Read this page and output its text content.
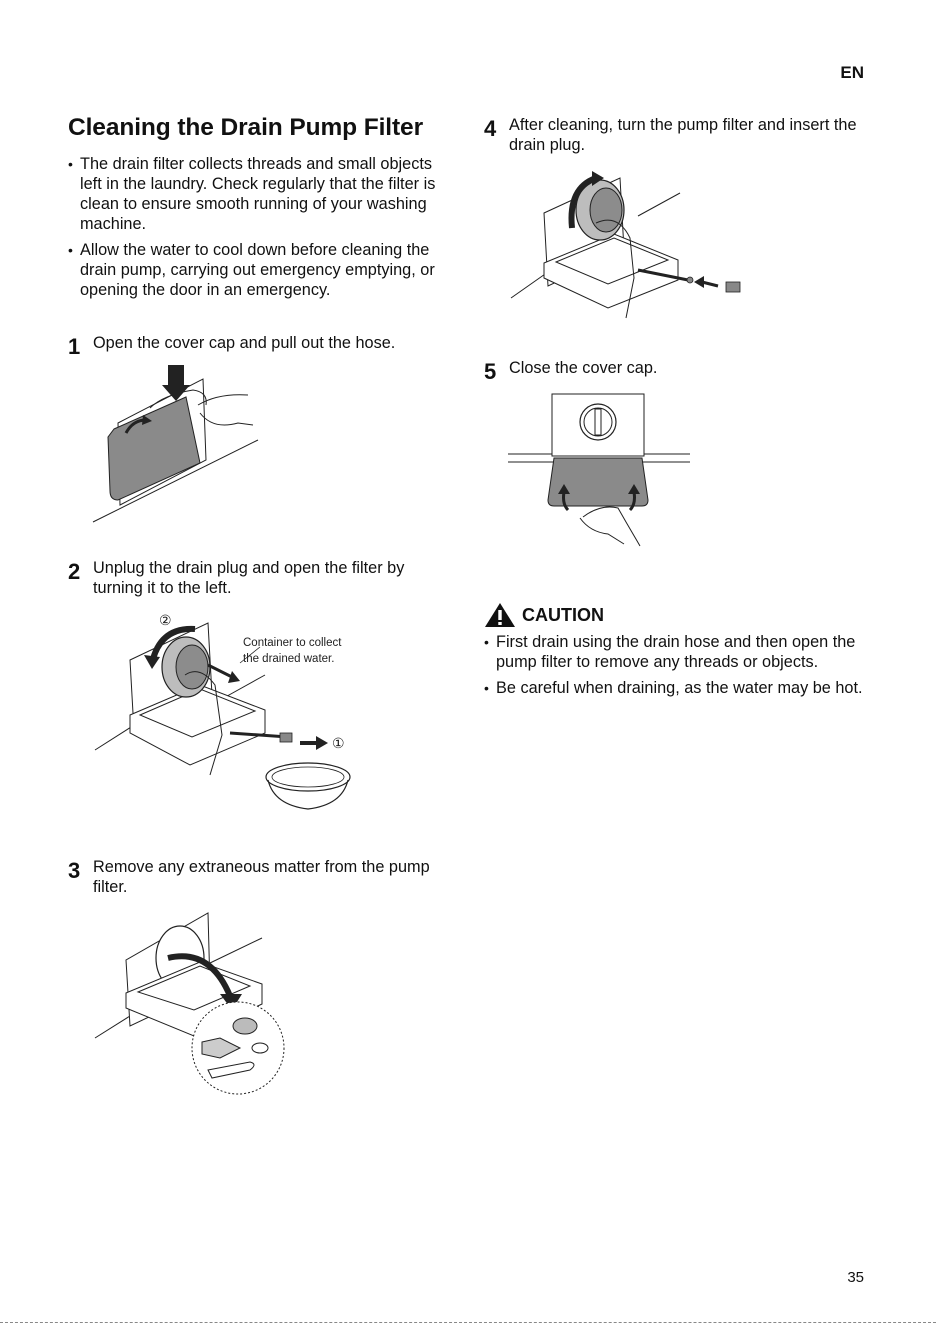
EN
Cleaning the Drain Pump Filter
• The drain filter collects threads and small objects left in the laundry. Check regularly that the filter is clean to ensure smooth running of your washing machine.
• Allow the water to cool down before cleaning the drain pump, carrying out emergency emptying, or opening the door in an emergency.
1 Open the cover cap and pull out the hose.
2 Unplug the drain plug and open the filter by turning it to the left.
②
①
Container to collect
the drained water.
3 Remove any extraneous matter from the pump filter.
4 After cleaning, turn the pump filter and insert the drain plug.
5 Close the cover cap.
CAUTION
• First drain using the drain hose and then open the pump filter to remove any threads or objects.
• Be careful when draining, as the water may be hot.
35
